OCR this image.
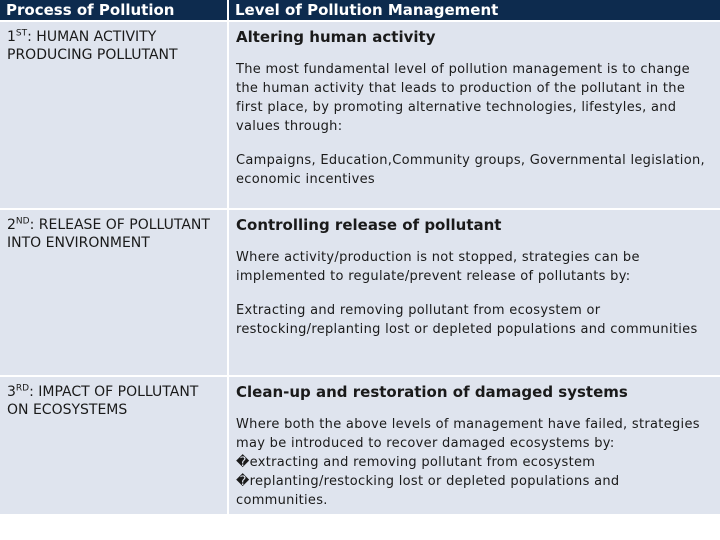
Process of Pollution	Level of Pollution Management

1ST: HUMAN ACTIVITY PRODUCING POLLUTANT	Altering human activity
The most fundamental level of pollution management is to change the human activity that leads to production of the pollutant in the first place, by promoting alternative technologies, lifestyles, and values through:
Campaigns, Education,Community groups, Governmental legislation, economic incentives

2ND: RELEASE OF POLLUTANT INTO ENVIRONMENT	Controlling release of pollutant
Where activity/production is not stopped, strategies can be implemented to regulate/prevent release of pollutants by:
Extracting and removing pollutant from ecosystem or restocking/replanting lost or depleted populations and communities

3RD: IMPACT OF POLLUTANT ON ECOSYSTEMS	Clean-up and restoration of damaged systems
Where both the above levels of management have failed, strategies may be introduced to recover damaged ecosystems by:
�extracting and removing pollutant from ecosystem
�replanting/restocking lost or depleted populations and communities.
